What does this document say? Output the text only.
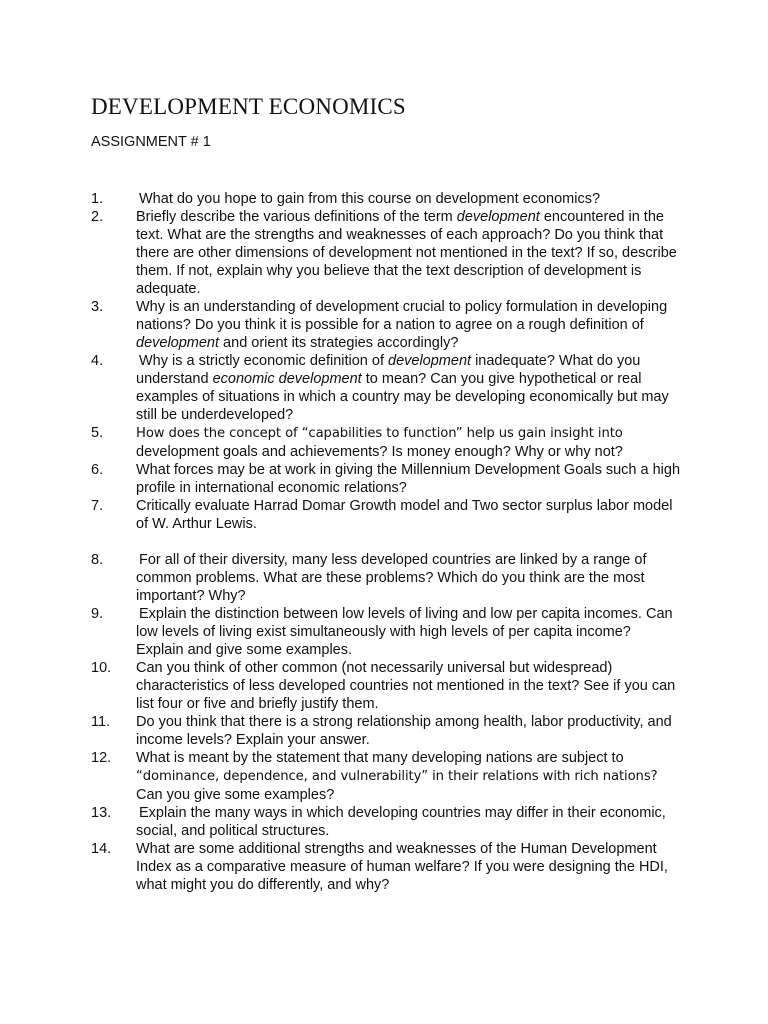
DEVELOPMENT ECONOMICS
ASSIGNMENT # 1
1. What do you hope to gain from this course on development economics?
2. Briefly describe the various definitions of the term development encountered in the text. What are the strengths and weaknesses of each approach? Do you think that there are other dimensions of development not mentioned in the text? If so, describe them. If not, explain why you believe that the text description of development is adequate.
3. Why is an understanding of development crucial to policy formulation in developing nations? Do you think it is possible for a nation to agree on a rough definition of development and orient its strategies accordingly?
4. Why is a strictly economic definition of development inadequate? What do you understand economic development to mean? Can you give hypothetical or real examples of situations in which a country may be developing economically but may still be underdeveloped?
5. How does the concept of “capabilities to function” help us gain insight into development goals and achievements? Is money enough? Why or why not?
6. What forces may be at work in giving the Millennium Development Goals such a high profile in international economic relations?
7. Critically evaluate Harrad Domar Growth model and Two sector surplus labor model of W. Arthur Lewis.
8. For all of their diversity, many less developed countries are linked by a range of common problems. What are these problems? Which do you think are the most important? Why?
9. Explain the distinction between low levels of living and low per capita incomes. Can low levels of living exist simultaneously with high levels of per capita income? Explain and give some examples.
10. Can you think of other common (not necessarily universal but widespread) characteristics of less developed countries not mentioned in the text? See if you can list four or five and briefly justify them.
11. Do you think that there is a strong relationship among health, labor productivity, and income levels? Explain your answer.
12. What is meant by the statement that many developing nations are subject to
“dominance, dependence, and vulnerability” in their relations with rich nations?
Can you give some examples?
13. Explain the many ways in which developing countries may differ in their economic, social, and political structures.
14. What are some additional strengths and weaknesses of the Human Development Index as a comparative measure of human welfare? If you were designing the HDI, what might you do differently, and why?
